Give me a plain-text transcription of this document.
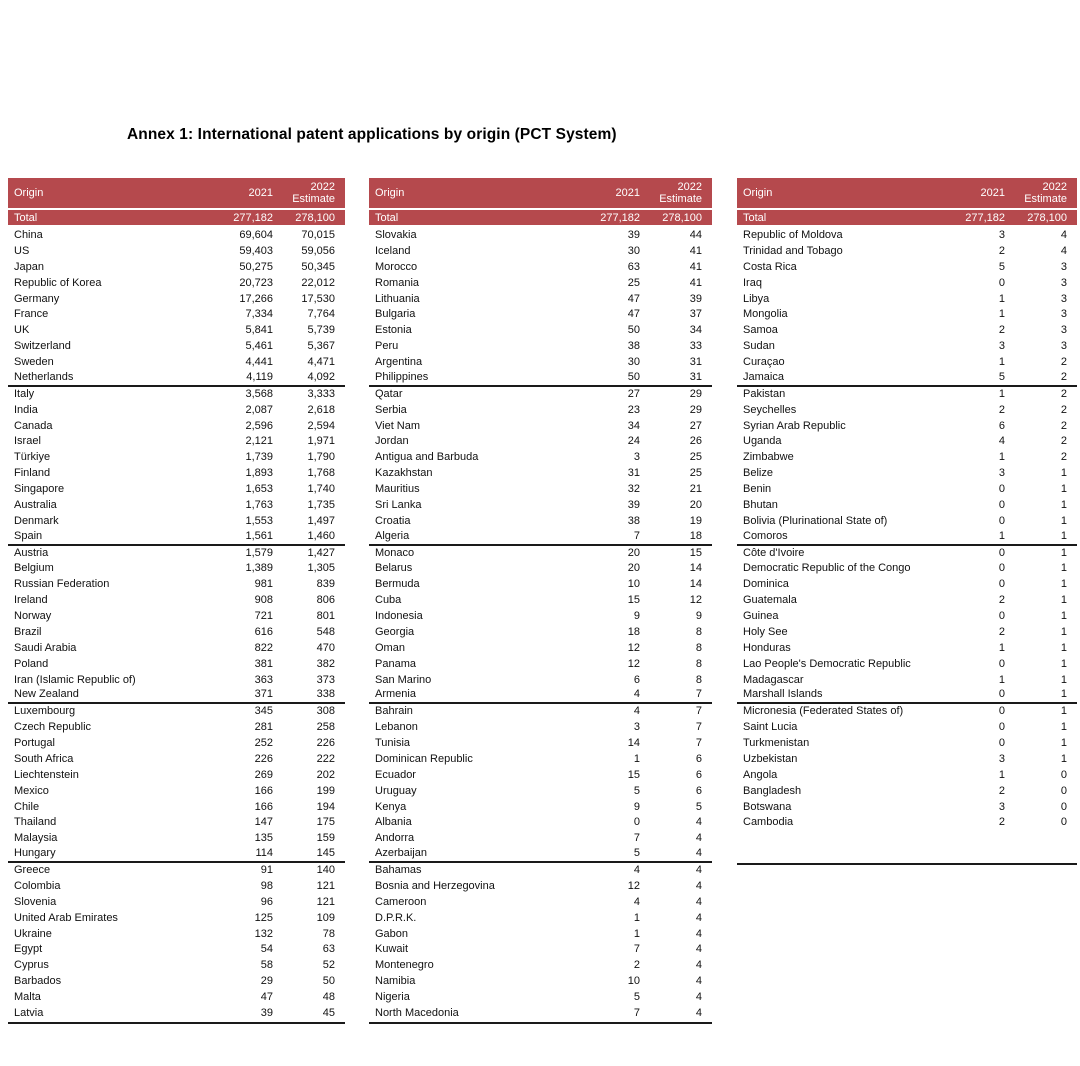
Annex 1: International patent applications by origin (PCT System)
Origin	2021	2022
Estimate
Total	277,182	278,100
China	69,604	70,015
US	59,403	59,056
Japan	50,275	50,345
Republic of Korea	20,723	22,012
Germany	17,266	17,530
France	7,334	7,764
UK	5,841	5,739
Switzerland	5,461	5,367
Sweden	4,441	4,471
Netherlands	4,119	4,092
Italy	3,568	3,333
India	2,087	2,618
Canada	2,596	2,594
Israel	2,121	1,971
Türkiye	1,739	1,790
Finland	1,893	1,768
Singapore	1,653	1,740
Australia	1,763	1,735
Denmark	1,553	1,497
Spain	1,561	1,460
Austria	1,579	1,427
Belgium	1,389	1,305
Russian Federation	981	839
Ireland	908	806
Norway	721	801
Brazil	616	548
Saudi Arabia	822	470
Poland	381	382
Iran (Islamic Republic of)	363	373
New Zealand	371	338
Luxembourg	345	308
Czech Republic	281	258
Portugal	252	226
South Africa	226	222
Liechtenstein	269	202
Mexico	166	199
Chile	166	194
Thailand	147	175
Malaysia	135	159
Hungary	114	145
Greece	91	140
Colombia	98	121
Slovenia	96	121
United Arab Emirates	125	109
Ukraine	132	78
Egypt	54	63
Cyprus	58	52
Barbados	29	50
Malta	47	48
Latvia	39	45
Origin	2021	2022
Estimate
Total	277,182	278,100
Slovakia	39	44
Iceland	30	41
Morocco	63	41
Romania	25	41
Lithuania	47	39
Bulgaria	47	37
Estonia	50	34
Peru	38	33
Argentina	30	31
Philippines	50	31
Qatar	27	29
Serbia	23	29
Viet Nam	34	27
Jordan	24	26
Antigua and Barbuda	3	25
Kazakhstan	31	25
Mauritius	32	21
Sri Lanka	39	20
Croatia	38	19
Algeria	7	18
Monaco	20	15
Belarus	20	14
Bermuda	10	14
Cuba	15	12
Indonesia	9	9
Georgia	18	8
Oman	12	8
Panama	12	8
San Marino	6	8
Armenia	4	7
Bahrain	4	7
Lebanon	3	7
Tunisia	14	7
Dominican Republic	1	6
Ecuador	15	6
Uruguay	5	6
Kenya	9	5
Albania	0	4
Andorra	7	4
Azerbaijan	5	4
Bahamas	4	4
Bosnia and Herzegovina	12	4
Cameroon	4	4
D.P.R.K.	1	4
Gabon	1	4
Kuwait	7	4
Montenegro	2	4
Namibia	10	4
Nigeria	5	4
North Macedonia	7	4
Origin	2021	2022
Estimate
Total	277,182	278,100
Republic of Moldova	3	4
Trinidad and Tobago	2	4
Costa Rica	5	3
Iraq	0	3
Libya	1	3
Mongolia	1	3
Samoa	2	3
Sudan	3	3
Curaçao	1	2
Jamaica	5	2
Pakistan	1	2
Seychelles	2	2
Syrian Arab Republic	6	2
Uganda	4	2
Zimbabwe	1	2
Belize	3	1
Benin	0	1
Bhutan	0	1
Bolivia (Plurinational State of)	0	1
Comoros	1	1
Côte d'Ivoire	0	1
Democratic Republic of the Congo	0	1
Dominica	0	1
Guatemala	2	1
Guinea	0	1
Holy See	2	1
Honduras	1	1
Lao People's Democratic Republic	0	1
Madagascar	1	1
Marshall Islands	0	1
Micronesia (Federated States of)	0	1
Saint Lucia	0	1
Turkmenistan	0	1
Uzbekistan	3	1
Angola	1	0
Bangladesh	2	0
Botswana	3	0
Cambodia	2	0
